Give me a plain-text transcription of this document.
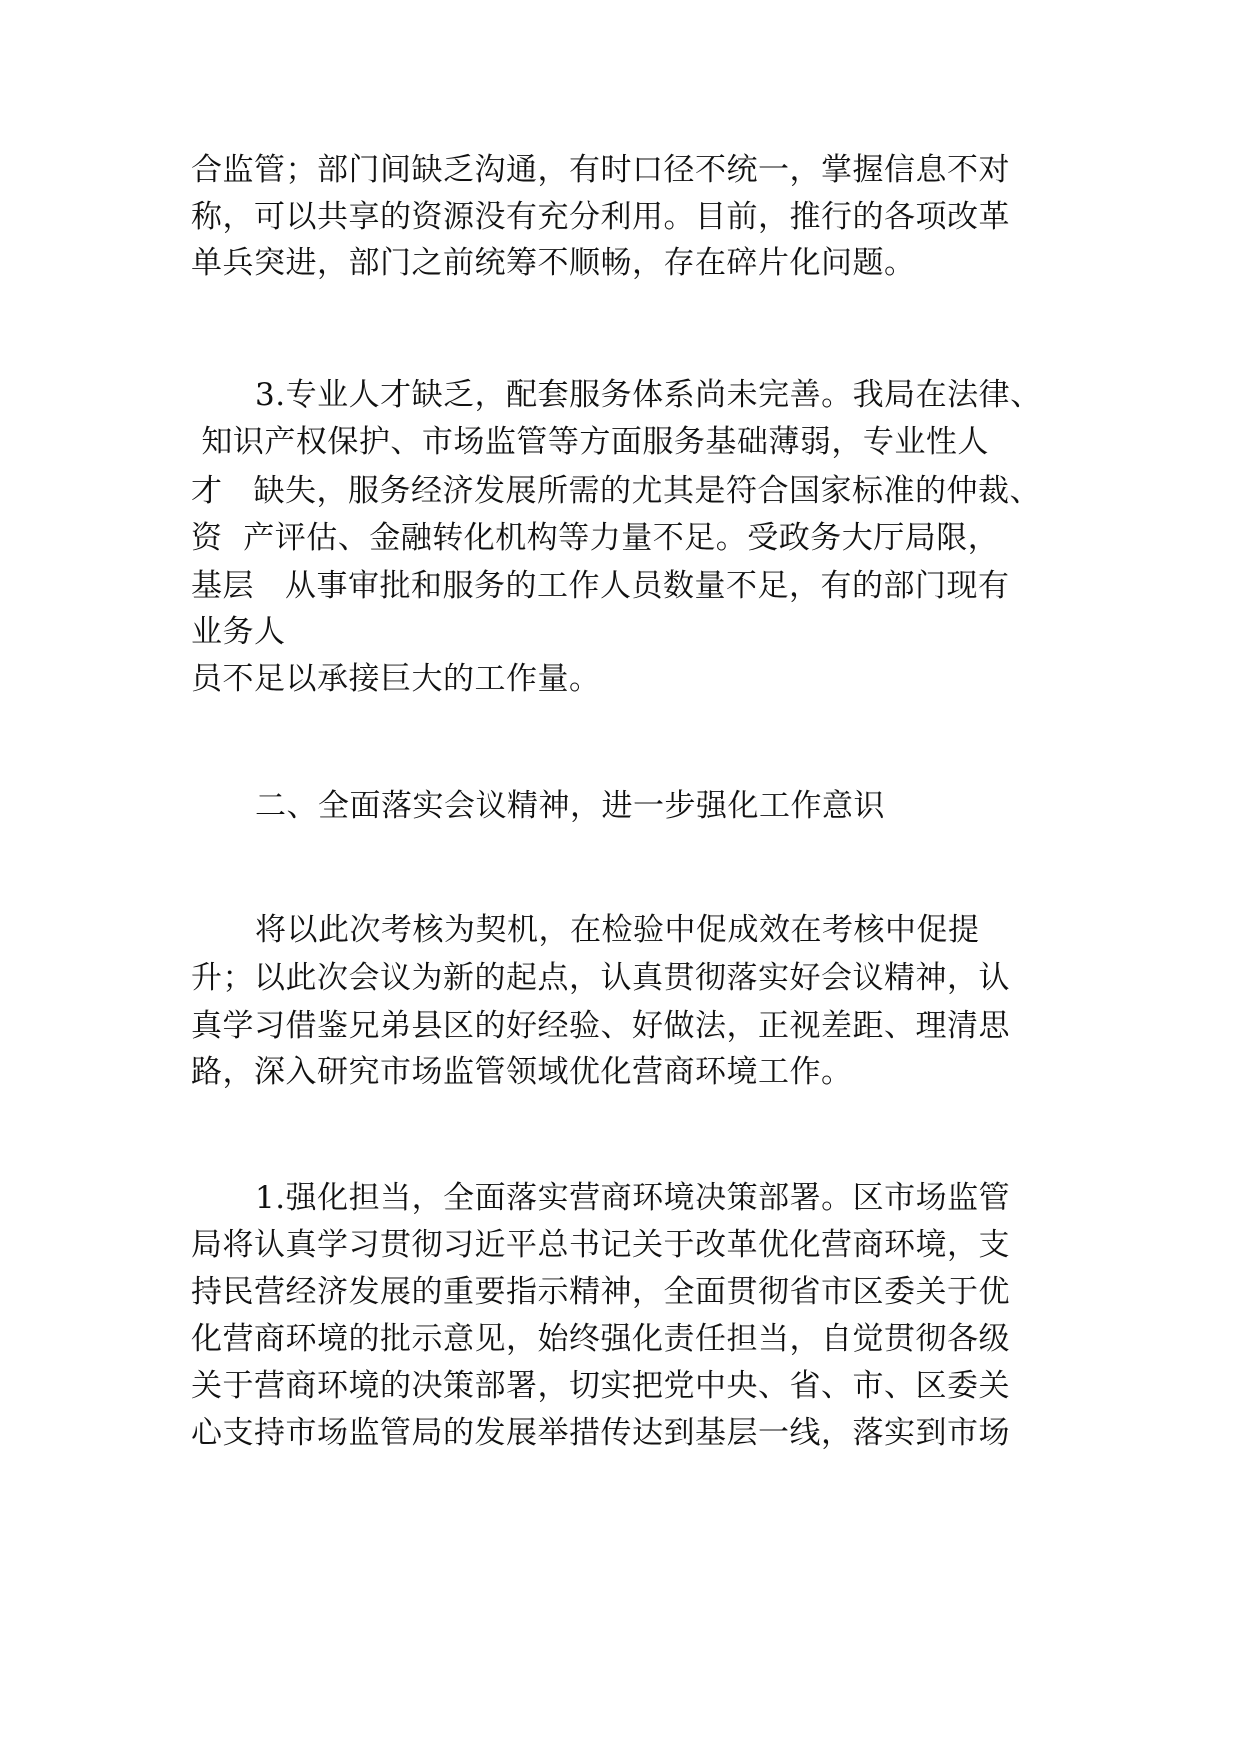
合监管；部门间缺乏沟通，有时口径不统一，掌握信息不对
称，可以共享的资源没有充分利用。目前，推行的各项改革
单兵突进，部门之前统筹不顺畅，存在碎片化问题。
3.专业人才缺乏，配套服务体系尚未完善。我局在法律、
知识产权保护、市场监管等方面服务基础薄弱，专业性人
才   缺失，服务经济发展所需的尤其是符合国家标准的仲裁、
资  产评估、金融转化机构等力量不足。受政务大厅局限，
基层   从事审批和服务的工作人员数量不足，有的部门现有
业务人
员不足以承接巨大的工作量。
二、全面落实会议精神，进一步强化工作意识
将以此次考核为契机，在检验中促成效在考核中促提
升；以此次会议为新的起点，认真贯彻落实好会议精神，认
真学习借鉴兄弟县区的好经验、好做法，正视差距、理清思
路，深入研究市场监管领域优化营商环境工作。
1.强化担当，全面落实营商环境决策部署。区市场监管
局将认真学习贯彻习近平总书记关于改革优化营商环境，支
持民营经济发展的重要指示精神，全面贯彻省市区委关于优
化营商环境的批示意见，始终强化责任担当，自觉贯彻各级
关于营商环境的决策部署，切实把党中央、省、市、区委关
心支持市场监管局的发展举措传达到基层一线，落实到市场
